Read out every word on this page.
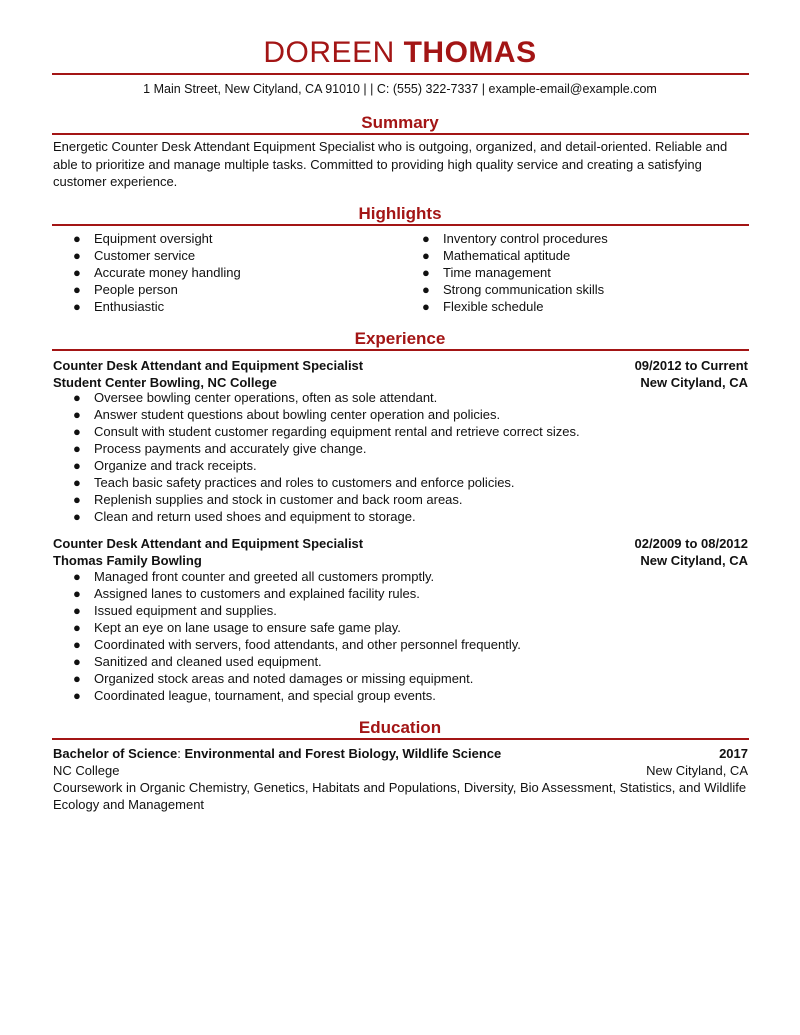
DOREEN THOMAS
1 Main Street, New Cityland, CA 91010 | | C: (555) 322-7337 | example-email@example.com
Summary
Energetic Counter Desk Attendant Equipment Specialist who is outgoing, organized, and detail-oriented. Reliable and able to prioritize and manage multiple tasks. Committed to providing high quality service and creating a satisfying customer experience.
Highlights
● Equipment oversight
● Customer service
● Accurate money handling
● People person
● Enthusiastic
● Inventory control procedures
● Mathematical aptitude
● Time management
● Strong communication skills
● Flexible schedule
Experience
Counter Desk Attendant and Equipment Specialist	09/2012 to Current
Student Center Bowling, NC College	New Cityland, CA
● Oversee bowling center operations, often as sole attendant.
● Answer student questions about bowling center operation and policies.
● Consult with student customer regarding equipment rental and retrieve correct sizes.
● Process payments and accurately give change.
● Organize and track receipts.
● Teach basic safety practices and roles to customers and enforce policies.
● Replenish supplies and stock in customer and back room areas.
● Clean and return used shoes and equipment to storage.
Counter Desk Attendant and Equipment Specialist	02/2009 to 08/2012
Thomas Family Bowling	New Cityland, CA
● Managed front counter and greeted all customers promptly.
● Assigned lanes to customers and explained facility rules.
● Issued equipment and supplies.
● Kept an eye on lane usage to ensure safe game play.
● Coordinated with servers, food attendants, and other personnel frequently.
● Sanitized and cleaned used equipment.
● Organized stock areas and noted damages or missing equipment.
● Coordinated league, tournament, and special group events.
Education
Bachelor of Science: Environmental and Forest Biology, Wildlife Science	2017
NC College	New Cityland, CA
Coursework in Organic Chemistry, Genetics, Habitats and Populations, Diversity, Bio Assessment, Statistics, and Wildlife Ecology and Management
